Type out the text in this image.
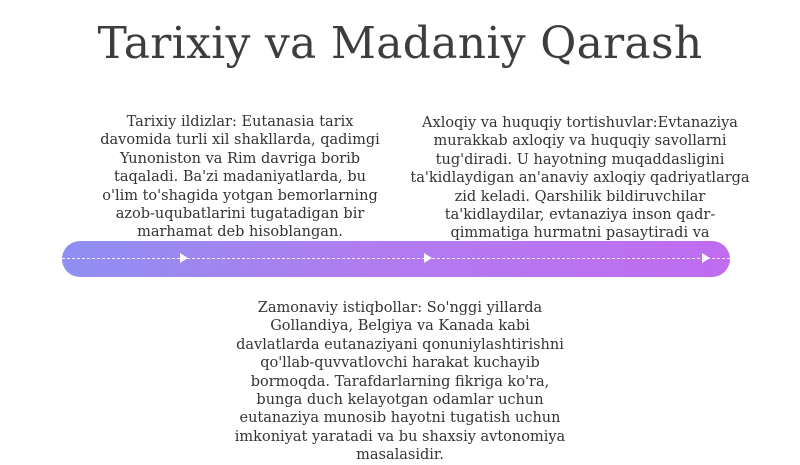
Tarixiy va Madaniy Qarash
Tarixiy ildizlar: Eutanasia tarix davomida turli xil shakllarda, qadimgi Yunoniston va Rim davriga borib taqaladi. Ba'zi madaniyatlarda, bu o'lim to'shagida yotgan bemorlarning azob-uqubatlarini tugatadigan bir marhamat deb hisoblangan.
Axloqiy va huquqiy tortishuvlar:Evtanaziya murakkab axloqiy va huquqiy savollarni tug'diradi. U hayotning muqaddasligini ta'kidlaydigan an'anaviy axloqiy qadriyatlarga zid keladi. Qarshilik bildiruvchilar ta'kidlaydilar, evtanaziya inson qadr-qimmatiga hurmatni pasaytiradi va
Zamonaviy istiqbollar: So'nggi yillarda Gollandiya, Belgiya va Kanada kabi davlatlarda eutanaziyani qonuniylashtirishni qo'llab-quvvatlovchi harakat kuchayib bormoqda. Tarafdarlarning fikriga ko'ra, bunga duch kelayotgan odamlar uchun eutanaziya munosib hayotni tugatish uchun imkoniyat yaratadi va bu shaxsiy avtonomiya masalasidir.
